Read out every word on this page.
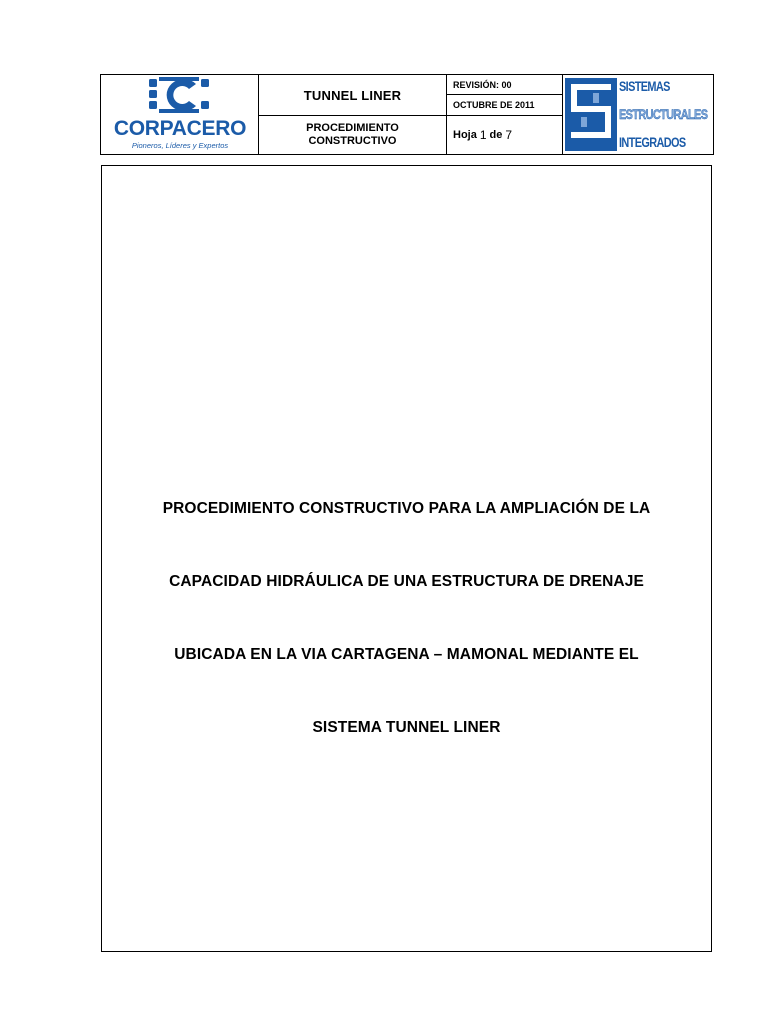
CORPACERO
Pioneros, Líderes y Expertos
TUNNEL LINER
PROCEDIMIENTO
CONSTRUCTIVO
REVISIÓN: 00
OCTUBRE DE 2011
Hoja 1 de 7
SISTEMAS
ESTRUCTURALES
INTEGRADOS

PROCEDIMIENTO CONSTRUCTIVO PARA LA AMPLIACIÓN DE LA

CAPACIDAD HIDRÁULICA DE UNA ESTRUCTURA DE DRENAJE

UBICADA EN LA VIA CARTAGENA – MAMONAL MEDIANTE EL

SISTEMA TUNNEL LINER
